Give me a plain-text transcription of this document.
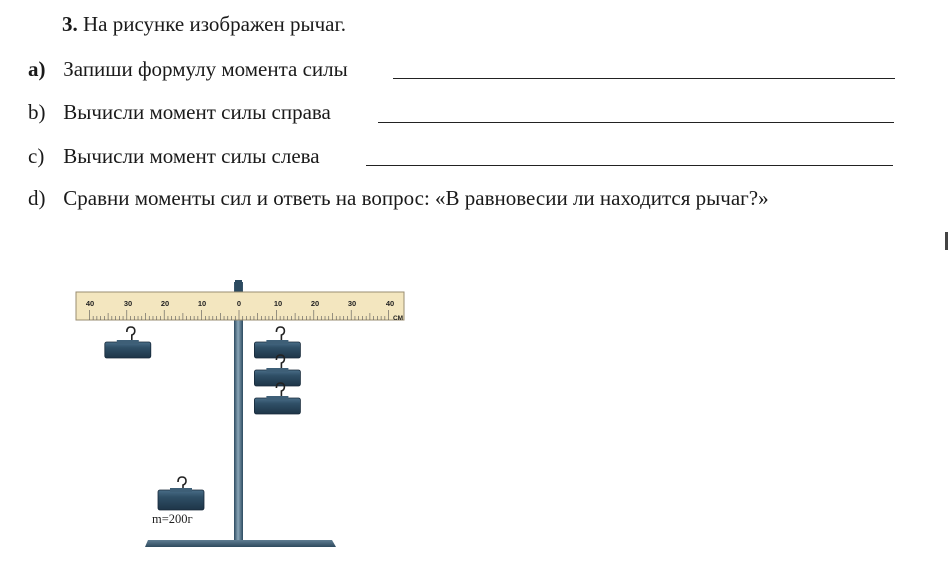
3. На рисунке изображен рычаг.
a) Запиши формулу момента силы
b) Вычисли момент силы справа
c) Вычисли момент силы слева
d) Сравни моменты сил и ответь на вопрос: «В равновесии ли находится рычаг?»
40	30	20	10	0	10	20	30	40
CM
m=200г
